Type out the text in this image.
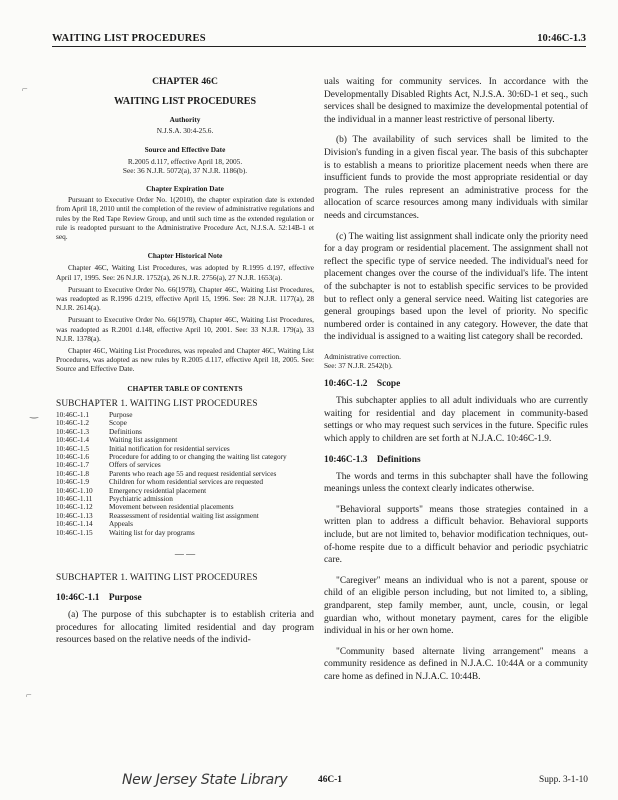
WAITING LIST PROCEDURES	10:46C-1.3
⌐
‿
⌐
CHAPTER 46C
WAITING LIST PROCEDURES
Authority
N.J.S.A. 30:4-25.6.
Source and Effective Date
R.2005 d.117, effective April 18, 2005.
See: 36 N.J.R. 5072(a), 37 N.J.R. 1186(b).
Chapter Expiration Date

Pursuant to Executive Order No. 1(2010), the chapter expiration date is extended from April 18, 2010 until the completion of the review of administrative regulations and rules by the Red Tape Review Group, and until such time as the extended regulation or rule is readopted pursuant to the Administrative Procedure Act, N.J.S.A. 52:14B-1 et seq.

Chapter Historical Note

Chapter 46C, Waiting List Procedures, was adopted by R.1995 d.197, effective April 17, 1995. See: 26 N.J.R. 1752(a), 26 N.J.R. 2756(a), 27 N.J.R. 1653(a).

Pursuant to Executive Order No. 66(1978), Chapter 46C, Waiting List Procedures, was readopted as R.1996 d.219, effective April 15, 1996. See: 28 N.J.R. 1177(a), 28 N.J.R. 2614(a).

Pursuant to Executive Order No. 66(1978), Chapter 46C, Waiting List Procedures, was readopted as R.2001 d.148, effective April 10, 2001. See: 33 N.J.R. 179(a), 33 N.J.R. 1378(a).

Chapter 46C, Waiting List Procedures, was repealed and Chapter 46C, Waiting List Procedures, was adopted as new rules by R.2005 d.117, effective April 18, 2005. See: Source and Effective Date.

CHAPTER TABLE OF CONTENTS
SUBCHAPTER 1. WAITING LIST PROCEDURES
10:46C-1.1	Purpose
10:46C-1.2	Scope
10:46C-1.3	Definitions
10:46C-1.4	Waiting list assignment
10:46C-1.5	Initial notification for residential services
10:46C-1.6	Procedure for adding to or changing the waiting list category
10:46C-1.7	Offers of services
10:46C-1.8	Parents who reach age 55 and request residential services
10:46C-1.9	Children for whom residential services are requested
10:46C-1.10	Emergency residential placement
10:46C-1.11	Psychiatric admission
10:46C-1.12	Movement between residential placements
10:46C-1.13	Reassessment of residential waiting list assignment
10:46C-1.14	Appeals
10:46C-1.15	Waiting list for day programs
— —
SUBCHAPTER 1. WAITING LIST PROCEDURES
10:46C-1.1    Purpose

(a) The purpose of this subchapter is to establish criteria and procedures for allocating limited residential and day program resources based on the relative needs of the individ-

uals waiting for community services. In accordance with the Developmentally Disabled Rights Act, N.J.S.A. 30:6D-1 et seq., such services shall be designed to maximize the developmental potential of the individual in a manner least restrictive of personal liberty.

(b) The availability of such services shall be limited to the Division's funding in a given fiscal year. The basis of this subchapter is to establish a means to prioritize placement needs when there are insufficient funds to provide the most appropriate residential or day program. The rules represent an administrative process for the allocation of scarce resources among many individuals with similar needs and circumstances.

(c) The waiting list assignment shall indicate only the priority need for a day program or residential placement. The assignment shall not reflect the specific type of service needed. The individual's need for placement changes over the course of the individual's life. The intent of the subchapter is not to establish specific services to be provided but to reflect only a general service need. Waiting list categories are general groupings based upon the level of priority. No specific numbered order is contained in any category. However, the date that the individual is assigned to a waiting list category shall be recorded.

Administrative correction.
See: 37 N.J.R. 2542(b).
10:46C-1.2    Scope

This subchapter applies to all adult individuals who are currently waiting for residential and day placement in community-based settings or who may request such services in the future. Specific rules which apply to children are set forth at N.J.A.C. 10:46C-1.9.

10:46C-1.3    Definitions

The words and terms in this subchapter shall have the following meanings unless the context clearly indicates otherwise.

"Behavioral supports" means those strategies contained in a written plan to address a difficult behavior. Behavioral supports include, but are not limited to, behavior modification techniques, out-of-home respite due to a difficult behavior and periodic psychiatric care.

"Caregiver" means an individual who is not a parent, spouse or child of an eligible person including, but not limited to, a sibling, grandparent, step family member, aunt, uncle, cousin, or legal guardian who, without monetary payment, cares for the eligible individual in his or her own home.

"Community based alternate living arrangement" means a community residence as defined in N.J.A.C. 10:44A or a community care home as defined in N.J.A.C. 10:44B.

New Jersey State Library	46C-1	Supp. 3-1-10
